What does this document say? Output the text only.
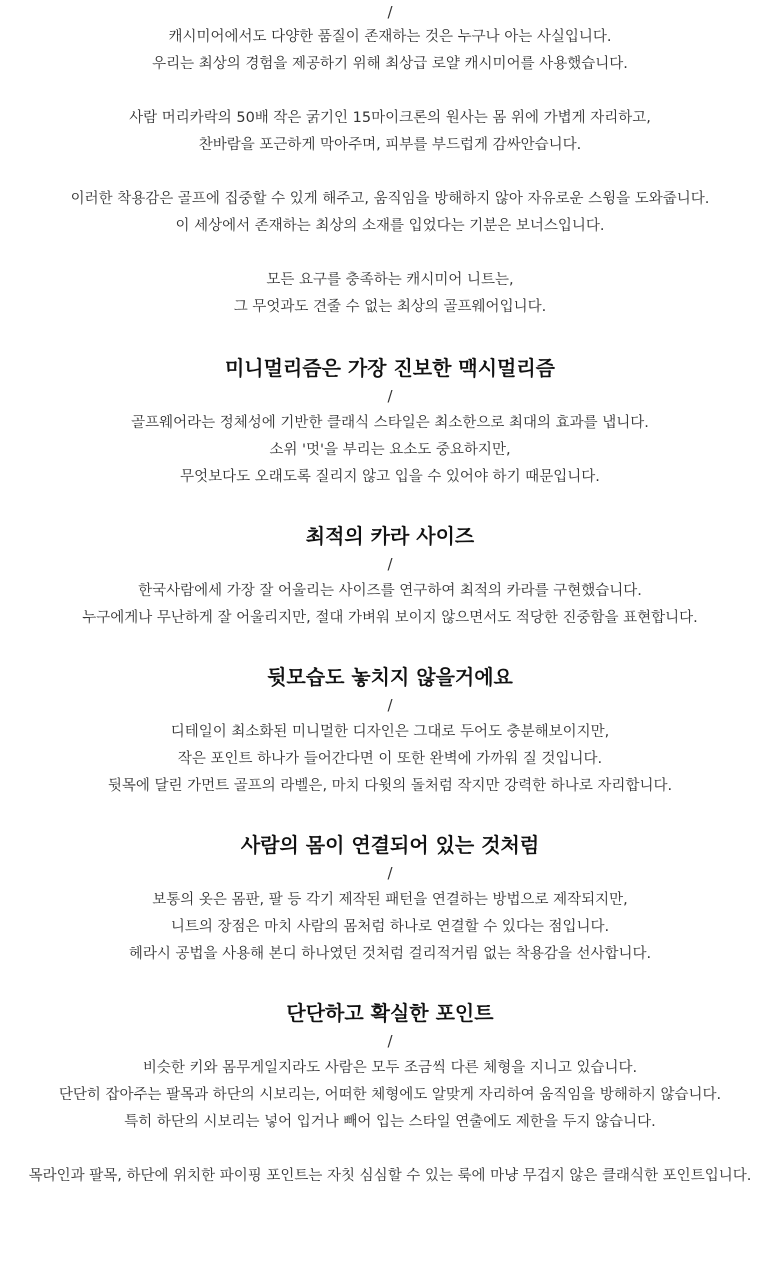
/
캐시미어에서도 다양한 품질이 존재하는 것은 누구나 아는 사실입니다.
우리는 최상의 경험을 제공하기 위해 최상급 로얄 캐시미어를 사용했습니다.
사람 머리카락의 50배 작은 굵기인 15마이크론의 원사는 몸 위에 가볍게 자리하고,
찬바람을 포근하게 막아주며, 피부를 부드럽게 감싸안습니다.
이러한 착용감은 골프에 집중할 수 있게 해주고, 움직임을 방해하지 않아 자유로운 스윙을 도와줍니다.
이 세상에서 존재하는 최상의 소재를 입었다는 기분은 보너스입니다.
모든 요구를 충족하는 캐시미어 니트는,
그 무엇과도 견줄 수 없는 최상의 골프웨어입니다.
미니멀리즘은 가장 진보한 맥시멀리즘
/
골프웨어라는 정체성에 기반한 클래식 스타일은 최소한으로 최대의 효과를 냅니다.
소위 '멋'을 부리는 요소도 중요하지만,
무엇보다도 오래도록 질리지 않고 입을 수 있어야 하기 때문입니다.
최적의 카라 사이즈
/
한국사람에세 가장 잘 어울리는 사이즈를 연구하여 최적의 카라를 구현했습니다.
누구에게나 무난하게 잘 어울리지만, 절대 가벼워 보이지 않으면서도 적당한 진중함을 표현합니다.
뒷모습도 놓치지 않을거에요
/
디테일이 최소화된 미니멀한 디자인은 그대로 두어도 충분해보이지만,
작은 포인트 하나가 들어간다면 이 또한 완벽에 가까워 질 것입니다.
뒷목에 달린 가먼트 골프의 라벨은, 마치 다윗의 돌처럼 작지만 강력한 하나로 자리합니다.
사람의 몸이 연결되어 있는 것처럼
/
보통의 옷은 몸판, 팔 등 각기 제작된 패턴을 연결하는 방법으로 제작되지만,
니트의 장점은 마치 사람의 몸처럼 하나로 연결할 수 있다는 점입니다.
헤라시 공법을 사용해 본디 하나였던 것처럼 걸리적거림 없는 착용감을 선사합니다.
단단하고 확실한 포인트
/
비슷한 키와 몸무게일지라도 사람은 모두 조금씩 다른 체형을 지니고 있습니다.
단단히 잡아주는 팔목과 하단의 시보리는, 어떠한 체형에도 알맞게 자리하여 움직임을 방해하지 않습니다.
특히 하단의 시보리는 넣어 입거나 빼어 입는 스타일 연출에도 제한을 두지 않습니다.
목라인과 팔목, 하단에 위치한 파이핑 포인트는 자칫 심심할 수 있는 룩에 마냥 무겁지 않은 클래식한 포인트입니다.
